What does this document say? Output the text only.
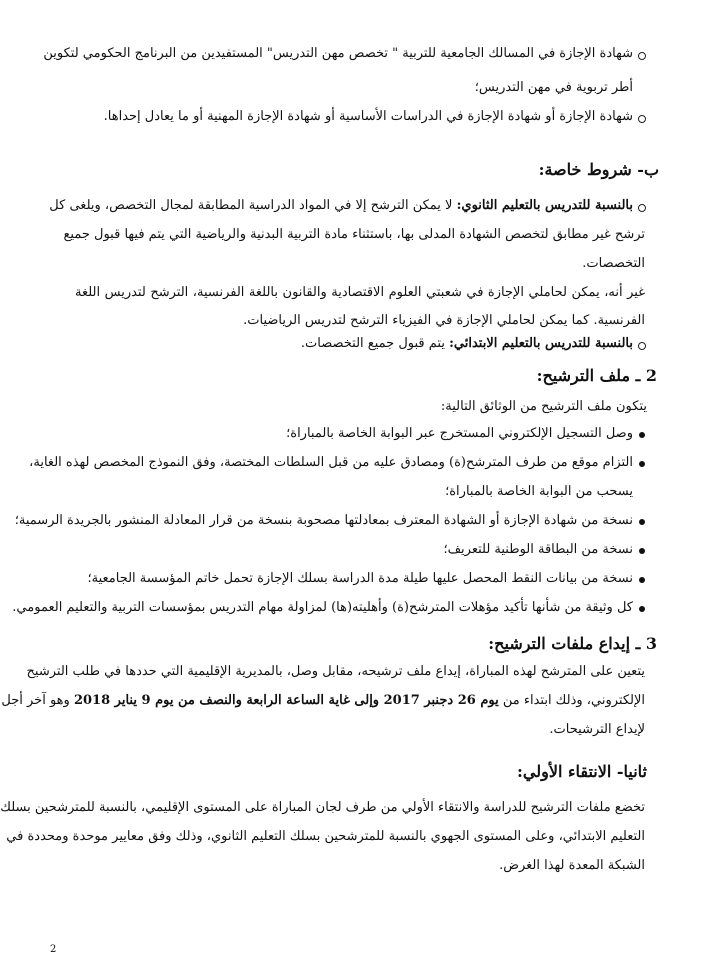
شهادة الإجازة في المسالك الجامعية للتربية " تخصص مهن التدريس" المستفيدين من البرنامج الحكومي لتكوين
أطر تربوية في مهن التدريس؛
شهادة الإجازة أو شهادة الإجازة في الدراسات الأساسية أو شهادة الإجازة المهنية أو ما يعادل إحداها.
ب- شروط خاصة:
بالنسبة للتدريس بالتعليم الثانوي: لا يمكن الترشح إلا في المواد الدراسية المطابقة لمجال التخصص، ويلغى كل
ترشح غير مطابق لتخصص الشهادة المدلى بها، باستثناء مادة التربية البدنية والرياضية التي يتم فيها قبول جميع
التخصصات.
غير أنه، يمكن لحاملي الإجازة في شعبتي العلوم الاقتصادية والقانون باللغة الفرنسية، الترشح لتدريس اللغة
الفرنسية. كما يمكن لحاملي الإجازة في الفيزياء الترشح لتدريس الرياضيات.
بالنسبة للتدريس بالتعليم الابتدائي: يتم قبول جميع التخصصات.
2 ـ ملف الترشيح:
يتكون ملف الترشيح من الوثائق التالية:
وصل التسجيل الإلكتروني المستخرج عبر البوابة الخاصة بالمباراة؛
التزام موقع من طرف المترشح(ة) ومصادق عليه من قبل السلطات المختصة، وفق النموذج المخصص لهذه الغاية،
يسحب من البوابة الخاصة بالمباراة؛
نسخة من شهادة الإجازة أو الشهادة المعترف بمعادلتها مصحوبة بنسخة من قرار المعادلة المنشور بالجريدة الرسمية؛
نسخة من البطاقة الوطنية للتعريف؛
نسخة من بيانات النقط المحصل عليها طيلة مدة الدراسة بسلك الإجازة تحمل خاتم المؤسسة الجامعية؛
كل وثيقة من شأنها تأكيد مؤهلات المترشح(ة) وأهليته(ها) لمزاولة مهام التدريس بمؤسسات التربية والتعليم العمومي.
3 ـ إيداع ملفات الترشيح:
يتعين على المترشح لهذه المباراة، إيداع ملف ترشيحه، مقابل وصل، بالمديرية الإقليمية التي حددها في طلب الترشيح
الإلكتروني، وذلك ابتداء من يوم 26 دجنبر 2017 وإلى غاية الساعة الرابعة والنصف من يوم 9 يناير 2018 وهو آخر أجل
لإيداع الترشيحات.
ثانيا- الانتقاء الأولي:
تخضع ملفات الترشيح للدراسة والانتقاء الأولي من طرف لجان المباراة على المستوى الإقليمي، بالنسبة للمترشحين بسلك
التعليم الابتدائي، وعلى المستوى الجهوي بالنسبة للمترشحين بسلك التعليم الثانوي، وذلك وفق معايير موحدة ومحددة في
الشبكة المعدة لهذا الغرض.
2
